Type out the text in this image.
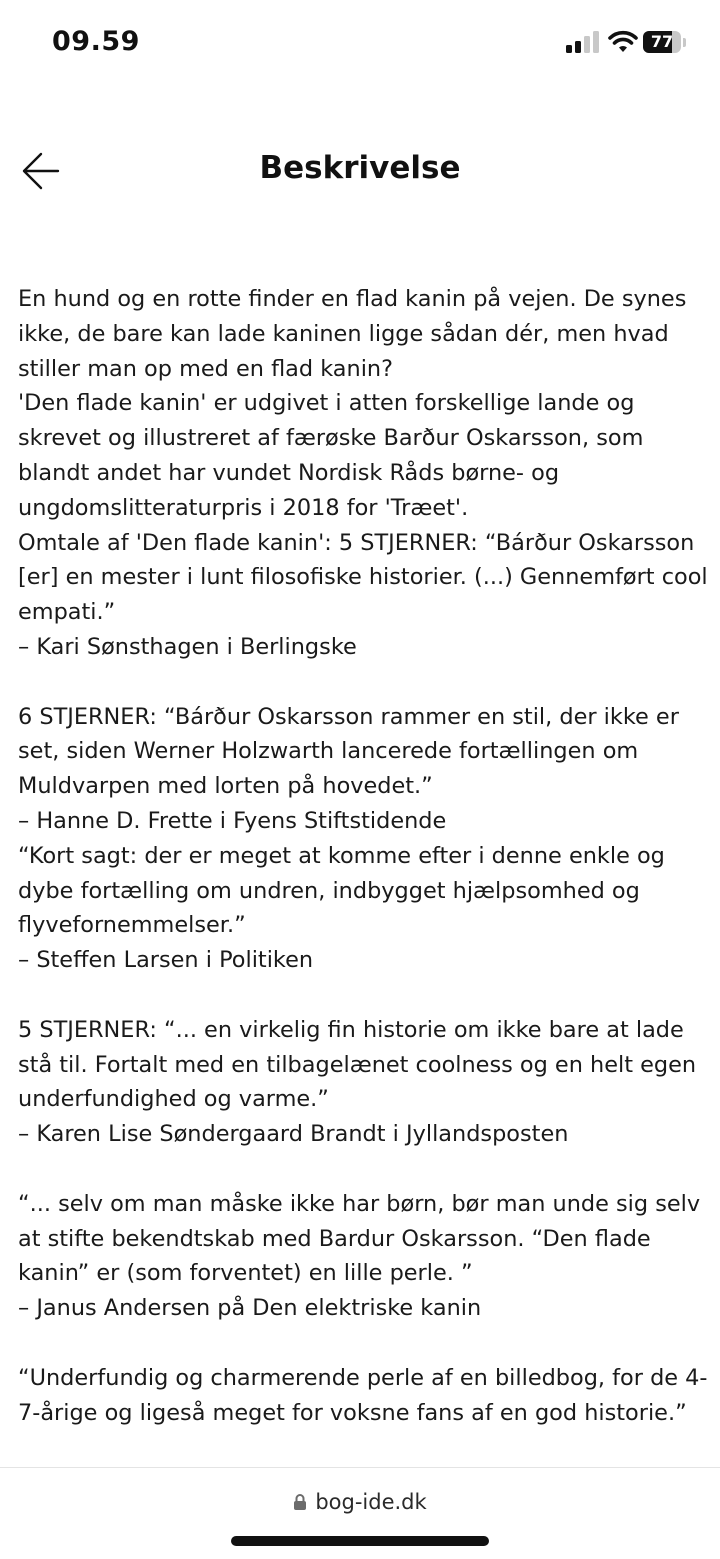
09.59	77
Beskrivelse

En hund og en rotte finder en flad kanin på vejen. De synes ikke, de bare kan lade kaninen ligge sådan dér, men hvad stiller man op med en flad kanin?

'Den flade kanin' er udgivet i atten forskellige lande og skrevet og illustreret af færøske Barður Oskarsson, som blandt andet har vundet Nordisk Råds børne- og ungdomslitteraturpris i 2018 for 'Træet'.

Omtale af 'Den flade kanin': 5 STJERNER: “Bárður Oskarsson [er] en mester i lunt filosofiske historier. (...) Gennemført cool empati.”

– Kari Sønsthagen i Berlingske

6 STJERNER: “Bárður Oskarsson rammer en stil, der ikke er set, siden Werner Holzwarth lancerede fortællingen om Muldvarpen med lorten på hovedet.”

– Hanne D. Frette i Fyens Stiftstidende

“Kort sagt: der er meget at komme efter i denne enkle og dybe fortælling om undren, indbygget hjælpsomhed og flyvefornemmelser.”

– Steffen Larsen i Politiken

5 STJERNER: “... en virkelig fin historie om ikke bare at lade stå til. Fortalt med en tilbagelænet coolness og en helt egen underfundighed og varme.”

– Karen Lise Søndergaard Brandt i Jyllandsposten

“... selv om man måske ikke har børn, bør man unde sig selv at stifte bekendtskab med Bardur Oskarsson. “Den flade kanin” er (som forventet) en lille perle. ”

– Janus Andersen på Den elektriske kanin

“Underfundig og charmerende perle af en billedbog, for de 4-7-årige og ligeså meget for voksne fans af en god historie.”

bog-ide.dk
